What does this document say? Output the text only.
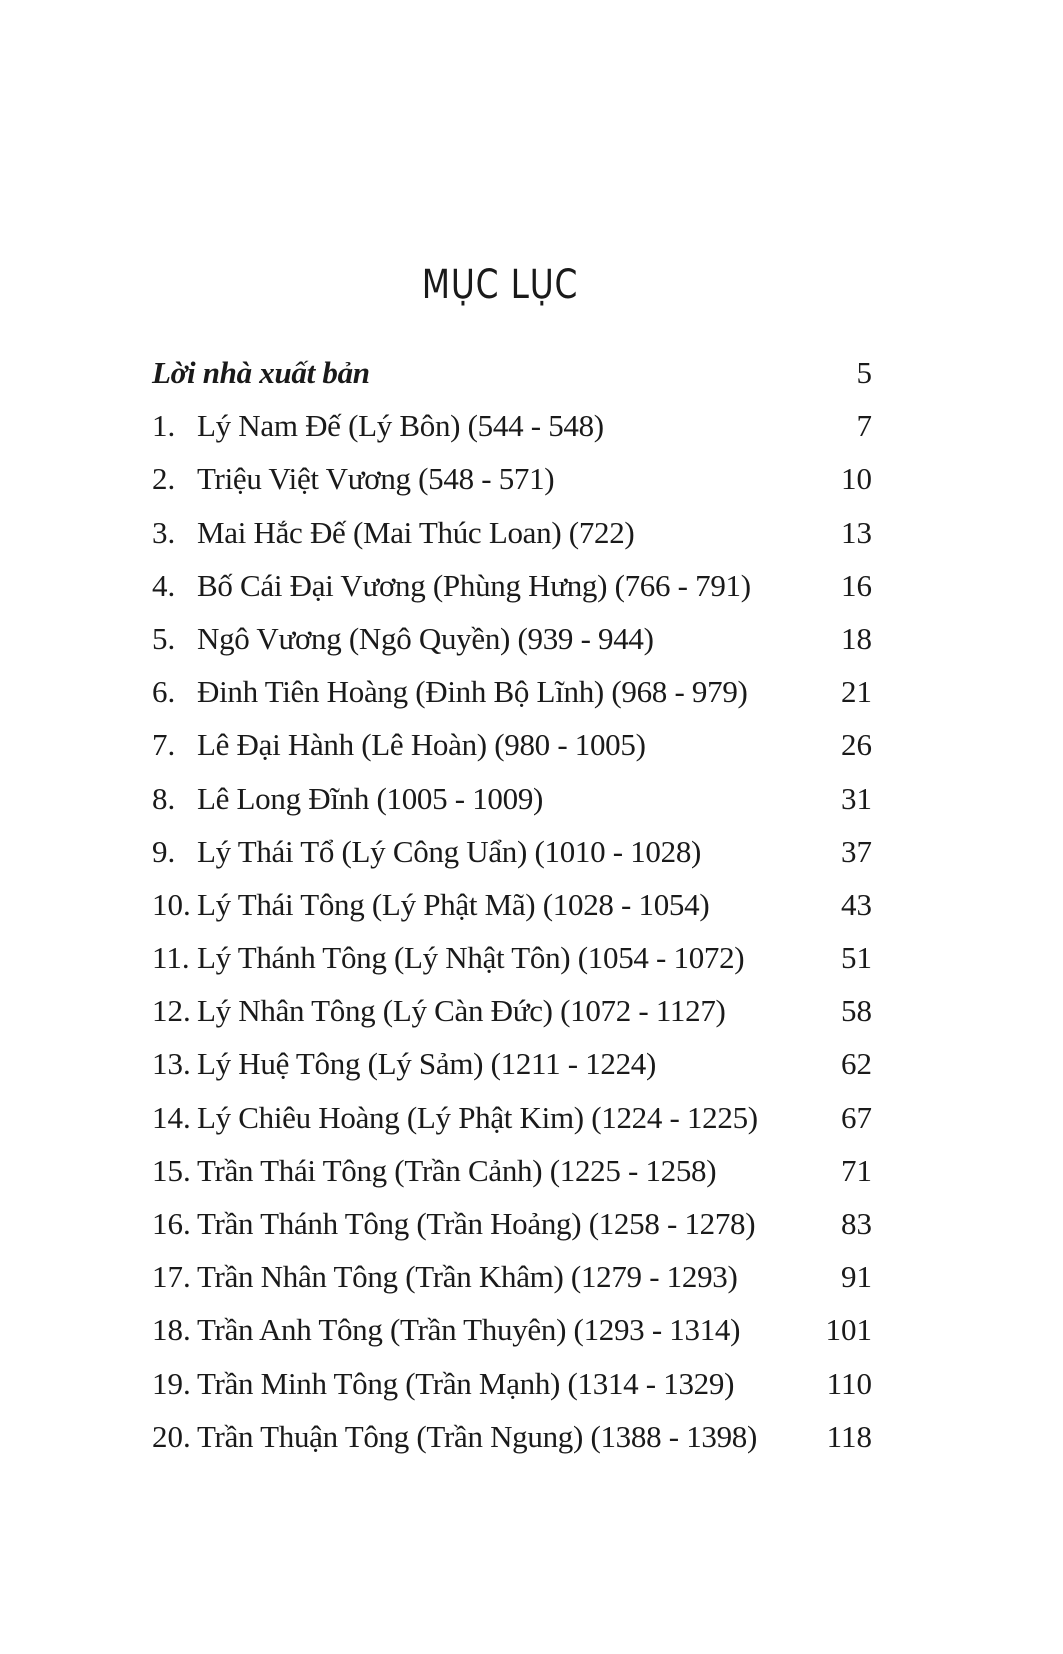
MỤC LỤC
Lời nhà xuất bản	5
1. Lý Nam Đế (Lý Bôn) (544 - 548)	7
2. Triệu Việt Vương (548 - 571)	10
3. Mai Hắc Đế (Mai Thúc Loan) (722)	13
4. Bố Cái Đại Vương (Phùng Hưng) (766 - 791)	16
5. Ngô Vương (Ngô Quyền) (939 - 944)	18
6. Đinh Tiên Hoàng (Đinh Bộ Lĩnh) (968 - 979)	21
7. Lê Đại Hành (Lê Hoàn) (980 - 1005)	26
8. Lê Long Đĩnh (1005 - 1009)	31
9. Lý Thái Tổ (Lý Công Uẩn) (1010 - 1028)	37
10. Lý Thái Tông (Lý Phật Mã) (1028 - 1054)	43
11. Lý Thánh Tông (Lý Nhật Tôn) (1054 - 1072)	51
12. Lý Nhân Tông (Lý Càn Đức) (1072 - 1127)	58
13. Lý Huệ Tông (Lý Sảm) (1211 - 1224)	62
14. Lý Chiêu Hoàng (Lý Phật Kim) (1224 - 1225)	67
15. Trần Thái Tông (Trần Cảnh) (1225 - 1258)	71
16. Trần Thánh Tông (Trần Hoảng) (1258 - 1278)	83
17. Trần Nhân Tông (Trần Khâm) (1279 - 1293)	91
18. Trần Anh Tông (Trần Thuyên) (1293 - 1314)	101
19. Trần Minh Tông (Trần Mạnh) (1314 - 1329)	110
20. Trần Thuận Tông (Trần Ngung) (1388 - 1398) 118
